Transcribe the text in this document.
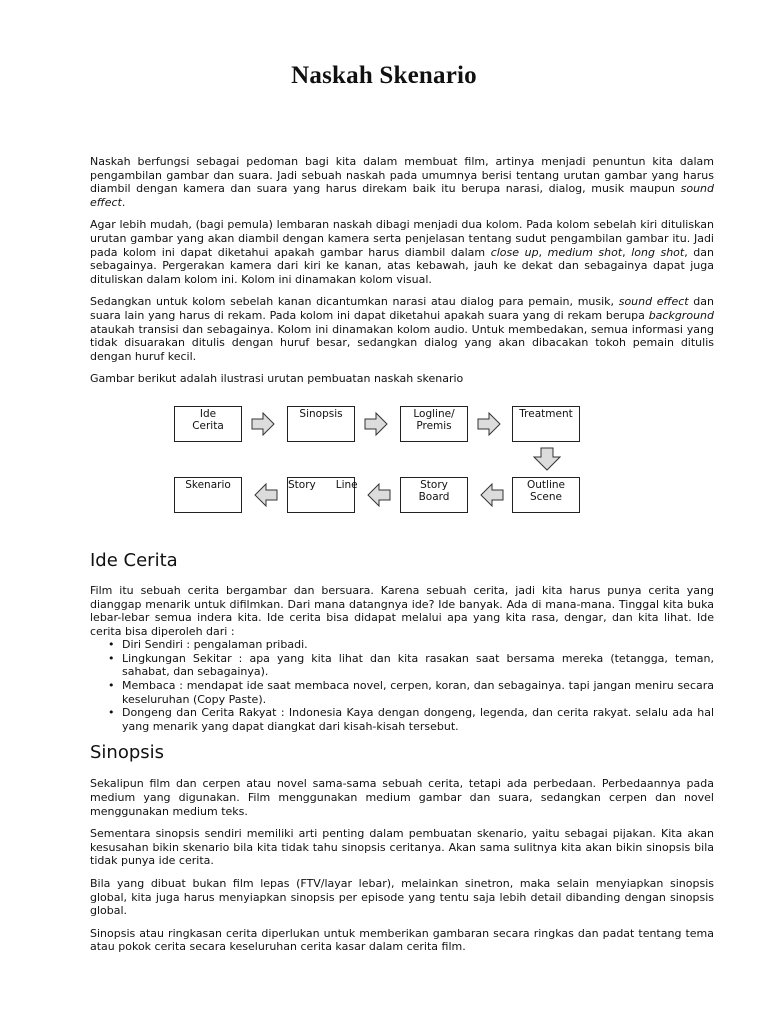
Naskah Skenario

Naskah berfungsi sebagai pedoman bagi kita dalam membuat film, artinya menjadi penuntun kita dalam pengambilan gambar dan suara. Jadi sebuah naskah pada umumnya berisi tentang urutan gambar yang harus diambil dengan kamera dan suara yang harus direkam baik itu berupa narasi, dialog, musik maupun sound effect.

Agar lebih mudah, (bagi pemula) lembaran naskah dibagi menjadi dua kolom. Pada kolom sebelah kiri dituliskan urutan gambar yang akan diambil dengan kamera serta penjelasan tentang sudut pengambilan gambar itu. Jadi pada kolom ini dapat diketahui apakah gambar harus diambil dalam close up, medium shot, long shot, dan sebagainya. Pergerakan kamera dari kiri ke kanan, atas kebawah, jauh ke dekat dan sebagainya dapat juga dituliskan dalam kolom ini. Kolom ini dinamakan kolom visual.

Sedangkan untuk kolom sebelah kanan dicantumkan narasi atau dialog para pemain, musik, sound effect dan suara lain yang harus di rekam. Pada kolom ini dapat diketahui apakah suara yang di rekam berupa background ataukah transisi dan sebagainya. Kolom ini dinamakan kolom audio. Untuk membedakan, semua informasi yang tidak disuarakan ditulis dengan huruf besar, sedangkan dialog yang akan dibacakan tokoh pemain ditulis dengan huruf kecil.

Gambar berikut adalah ilustrasi urutan pembuatan naskah skenario

Ide
Cerita
Sinopsis	Logline/
Premis
Treatment
Skenario	Story      Line	Story
Board
Outline
Scene
Ide Cerita

Film itu sebuah cerita bergambar dan bersuara. Karena sebuah cerita, jadi kita harus punya cerita yang dianggap menarik untuk difilmkan. Dari mana datangnya ide? Ide banyak. Ada di mana-mana. Tinggal kita buka lebar-lebar semua indera kita. Ide cerita bisa didapat melalui apa yang kita rasa, dengar, dan kita lihat. Ide cerita bisa diperoleh dari :

• Diri Sendiri : pengalaman pribadi.
• Lingkungan Sekitar : apa yang kita lihat dan kita rasakan saat bersama mereka (tetangga, teman, sahabat, dan sebagainya).
• Membaca : mendapat ide saat membaca novel, cerpen, koran, dan sebagainya. tapi jangan meniru secara keseluruhan (Copy Paste).
• Dongeng dan Cerita Rakyat : Indonesia Kaya dengan dongeng, legenda, dan cerita rakyat. selalu ada hal yang menarik yang dapat diangkat dari kisah-kisah tersebut.
Sinopsis

Sekalipun film dan cerpen atau novel sama-sama sebuah cerita, tetapi ada perbedaan. Perbedaannya pada medium yang digunakan. Film menggunakan medium gambar dan suara, sedangkan cerpen dan novel menggunakan medium teks.

Sementara sinopsis sendiri memiliki arti penting dalam pembuatan skenario, yaitu sebagai pijakan. Kita akan kesusahan bikin skenario bila kita tidak tahu sinopsis ceritanya. Akan sama sulitnya kita akan bikin sinopsis bila tidak punya ide cerita.

Bila yang dibuat bukan film lepas (FTV/layar lebar), melainkan sinetron, maka selain menyiapkan sinopsis global, kita juga harus menyiapkan sinopsis per episode yang tentu saja lebih detail dibanding dengan sinopsis global.

Sinopsis atau ringkasan cerita diperlukan untuk memberikan gambaran secara ringkas dan padat tentang tema atau pokok cerita secara keseluruhan cerita kasar dalam cerita film.
